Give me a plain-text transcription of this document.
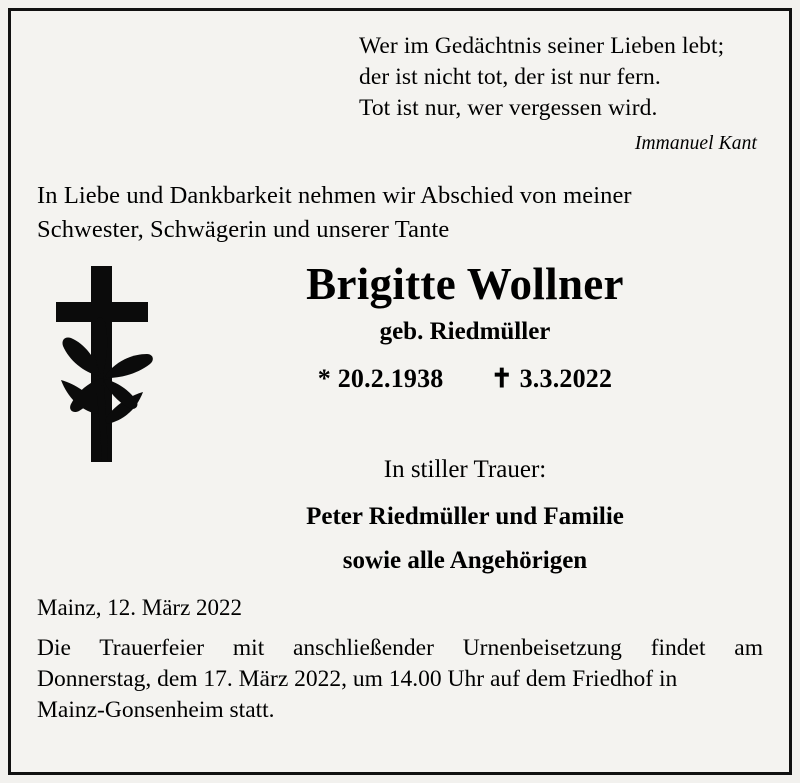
Wer im Gedächtnis seiner Lieben lebt;
der ist nicht tot, der ist nur fern.
Tot ist nur, wer vergessen wird.
Immanuel Kant
In Liebe und Dankbarkeit nehmen wir Abschied von meiner
Schwester, Schwägerin und unserer Tante
Brigitte Wollner
geb. Riedmüller
* 20.2.1938 ✝ 3.3.2022
In stiller Trauer:
Peter Riedmüller und Familie
sowie alle Angehörigen
Mainz, 12. März 2022
Die Trauerfeier mit anschließender Urnenbeisetzung findet am
Donnerstag, dem 17. März 2022, um 14.00 Uhr auf dem Friedhof in
Mainz-Gonsenheim statt.
